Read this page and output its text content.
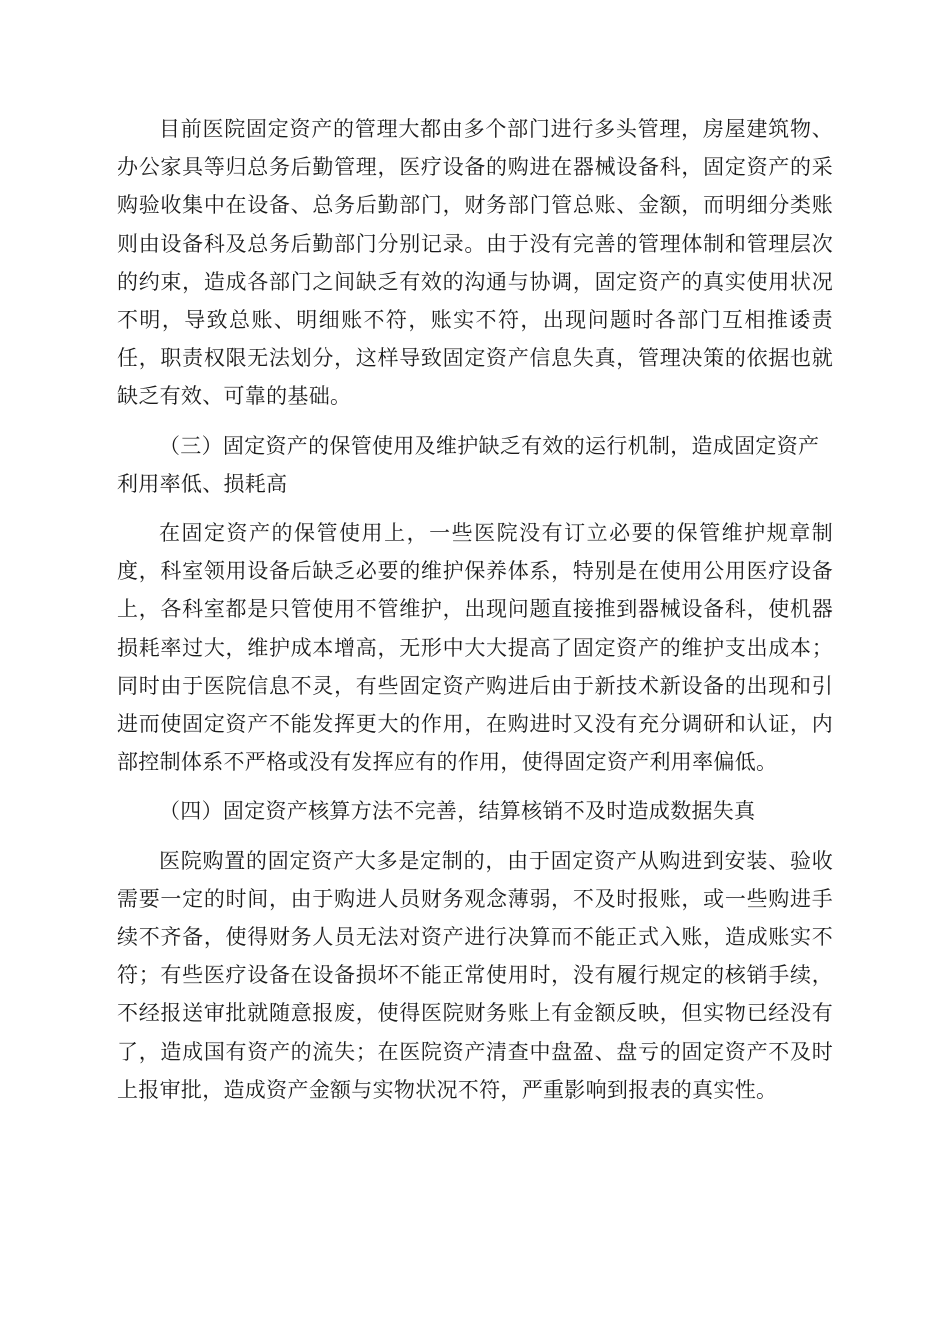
目前医院固定资产的管理大都由多个部门进行多头管理，房屋建筑物、办公家具等归总务后勤管理，医疗设备的购进在器械设备科，固定资产的采购验收集中在设备、总务后勤部门，财务部门管总账、金额，而明细分类账则由设备科及总务后勤部门分别记录。由于没有完善的管理体制和管理层次的约束，造成各部门之间缺乏有效的沟通与协调，固定资产的真实使用状况不明，导致总账、明细账不符，账实不符，出现问题时各部门互相推诿责任，职责权限无法划分，这样导致固定资产信息失真，管理决策的依据也就缺乏有效、可靠的基础。

（三）固定资产的保管使用及维护缺乏有效的运行机制，造成固定资产利用率低、损耗高

在固定资产的保管使用上，一些医院没有订立必要的保管维护规章制度，科室领用设备后缺乏必要的维护保养体系，特别是在使用公用医疗设备上，各科室都是只管使用不管维护，出现问题直接推到器械设备科，使机器损耗率过大，维护成本增高，无形中大大提高了固定资产的维护支出成本；同时由于医院信息不灵，有些固定资产购进后由于新技术新设备的出现和引进而使固定资产不能发挥更大的作用，在购进时又没有充分调研和认证，内部控制体系不严格或没有发挥应有的作用，使得固定资产利用率偏低。

（四）固定资产核算方法不完善，结算核销不及时造成数据失真

医院购置的固定资产大多是定制的，由于固定资产从购进到安装、验收需要一定的时间，由于购进人员财务观念薄弱，不及时报账，或一些购进手续不齐备，使得财务人员无法对资产进行决算而不能正式入账，造成账实不符；有些医疗设备在设备损坏不能正常使用时，没有履行规定的核销手续，不经报送审批就随意报废，使得医院财务账上有金额反映，但实物已经没有了，造成国有资产的流失；在医院资产清查中盘盈、盘亏的固定资产不及时上报审批，造成资产金额与实物状况不符，严重影响到报表的真实性。
